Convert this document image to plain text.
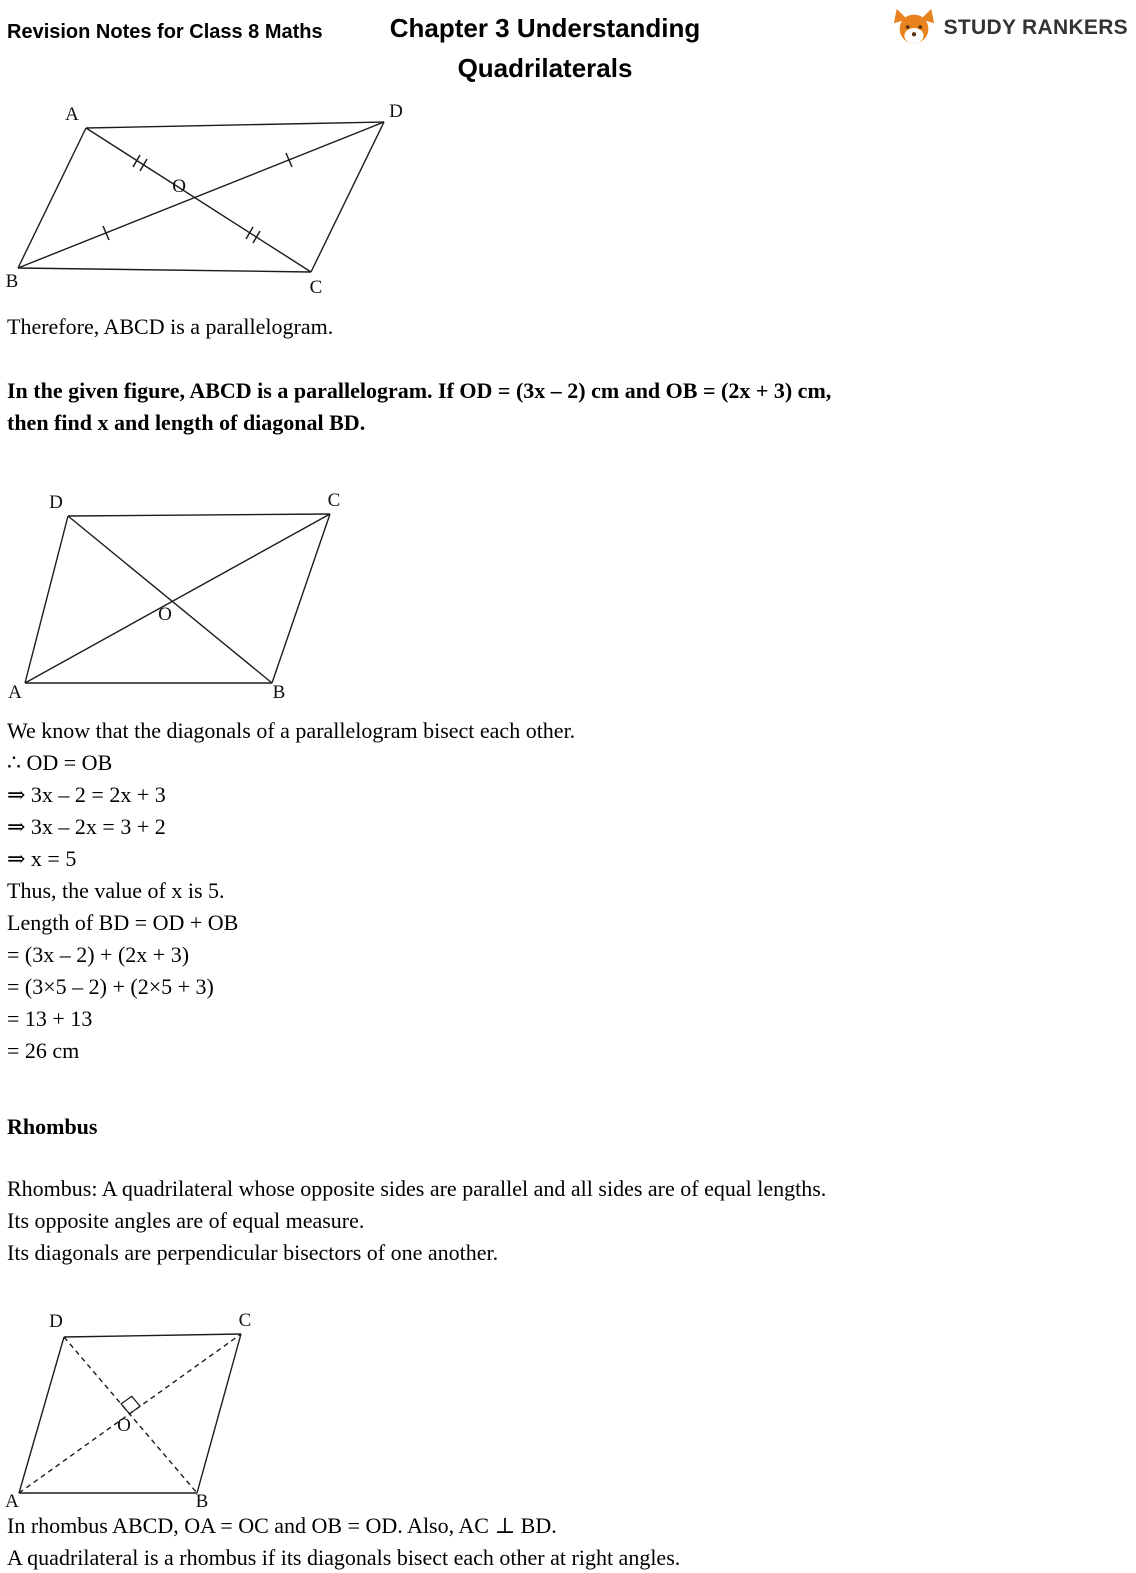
Revision Notes for Class 8 Maths	Chapter 3 Understanding
Quadrilaterals
STUDY RANKERS
A	D
B	C
O
Therefore, ABCD is a parallelogram.
In the given figure, ABCD is a parallelogram. If OD = (3x – 2) cm and OB = (2x + 3) cm,
then find x and length of diagonal BD.
D	C
A	B
O
We know that the diagonals of a parallelogram bisect each other.
∴ OD = OB
⇒ 3x – 2 = 2x + 3
⇒ 3x – 2x = 3 + 2
⇒ x = 5
Thus, the value of x is 5.
Length of BD = OD + OB
= (3x – 2) + (2x + 3)
= (3×5 – 2) + (2×5 + 3)
= 13 + 13
= 26 cm
Rhombus
Rhombus: A quadrilateral whose opposite sides are parallel and all sides are of equal lengths.
Its opposite angles are of equal measure.
Its diagonals are perpendicular bisectors of one another.
D	C
A	B
O
In rhombus ABCD, OA = OC and OB = OD. Also, AC ⊥ BD.
A quadrilateral is a rhombus if its diagonals bisect each other at right angles.
